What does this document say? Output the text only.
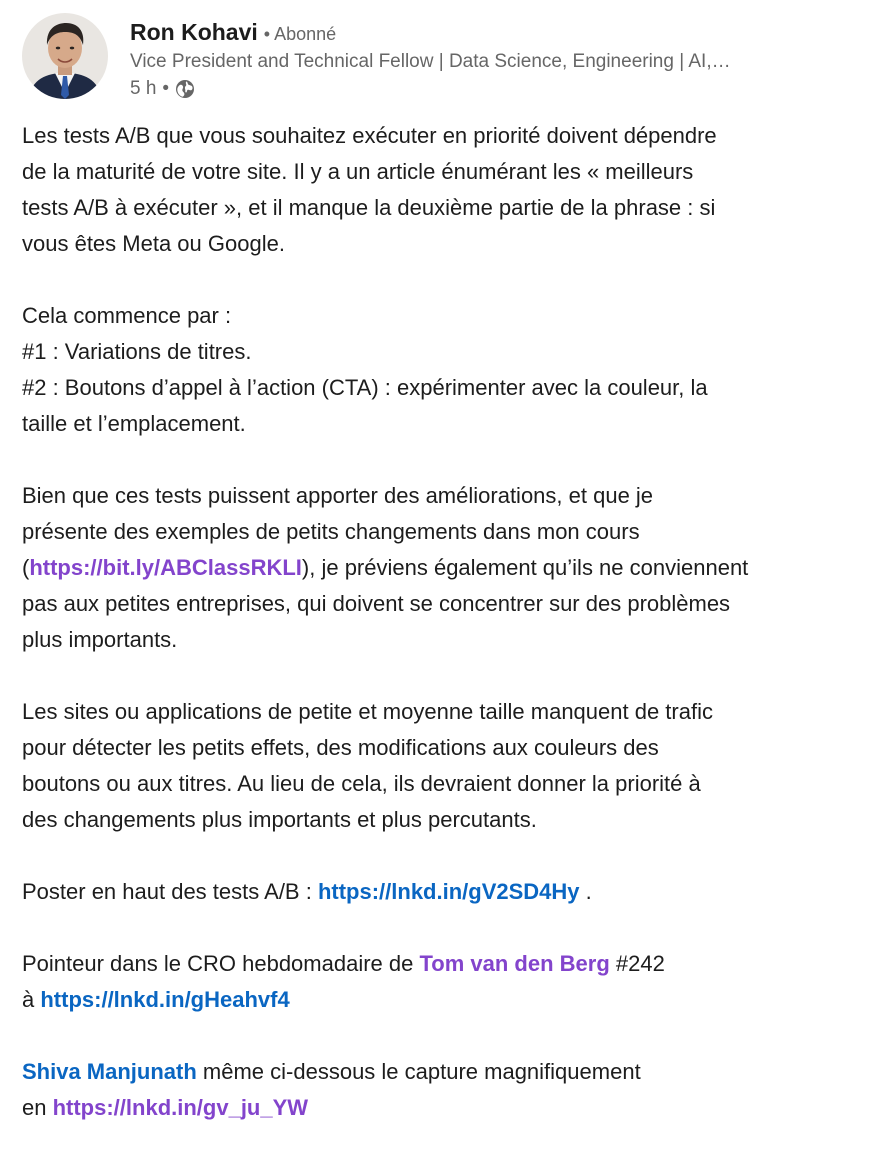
Ron Kohavi • Abonné
Vice President and Technical Fellow | Data Science, Engineering | AI,…
5 h •
Les tests A/B que vous souhaitez exécuter en priorité doivent dépendre
de la maturité de votre site. Il y a un article énumérant les « meilleurs
tests A/B à exécuter », et il manque la deuxième partie de la phrase : si
vous êtes Meta ou Google.
Cela commence par :
#1 : Variations de titres.
#2 : Boutons d’appel à l’action (CTA) : expérimenter avec la couleur, la
taille et l’emplacement.
Bien que ces tests puissent apporter des améliorations, et que je
présente des exemples de petits changements dans mon cours
(https://bit.ly/ABClassRKLI), je préviens également qu’ils ne conviennent
pas aux petites entreprises, qui doivent se concentrer sur des problèmes
plus importants.
Les sites ou applications de petite et moyenne taille manquent de trafic
pour détecter les petits effets, des modifications aux couleurs des
boutons ou aux titres. Au lieu de cela, ils devraient donner la priorité à
des changements plus importants et plus percutants.
Poster en haut des tests A/B : https://lnkd.in/gV2SD4Hy .
Pointeur dans le CRO hebdomadaire de Tom van den Berg #242
à https://lnkd.in/gHeahvf4
Shiva Manjunath même ci-dessous le capture magnifiquement
en https://lnkd.in/gv_ju_YW
